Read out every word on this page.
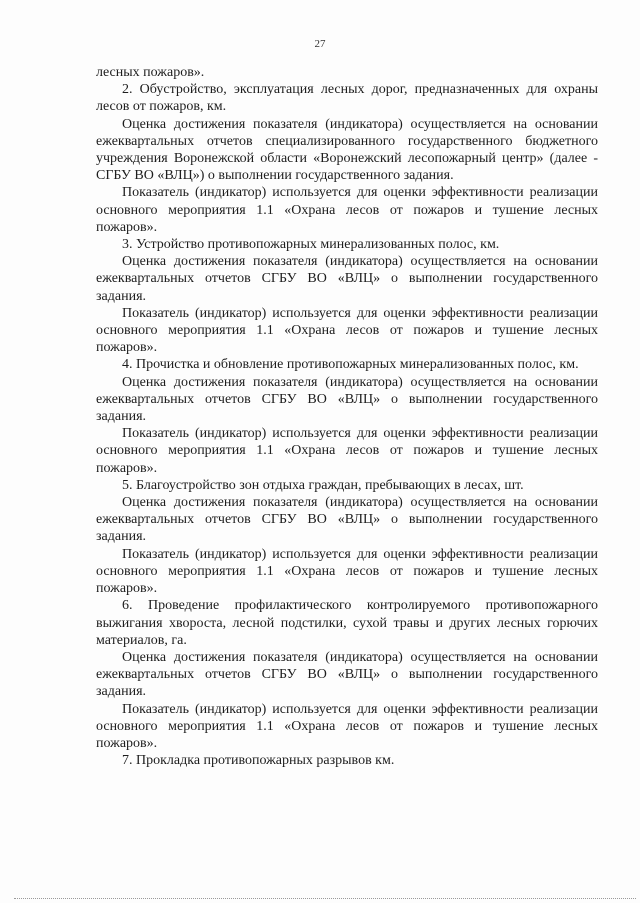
27

лесных пожаров».

2. Обустройство, эксплуатация лесных дорог, предназначенных для охраны лесов от пожаров, км.

Оценка достижения показателя (индикатора) осуществляется на основании ежеквартальных отчетов специализированного государственного бюджетного учреждения Воронежской области «Воронежский лесопожарный центр» (далее - СГБУ ВО «ВЛЦ») о выполнении государственного задания.

Показатель (индикатор) используется для оценки эффективности реализации основного мероприятия 1.1 «Охрана лесов от пожаров и тушение лесных пожаров».

3. Устройство противопожарных минерализованных полос, км.

Оценка достижения показателя (индикатора) осуществляется на основании ежеквартальных отчетов СГБУ ВО «ВЛЦ» о выполнении государственного задания.

Показатель (индикатор) используется для оценки эффективности реализации основного мероприятия 1.1 «Охрана лесов от пожаров и тушение лесных пожаров».

4. Прочистка и обновление противопожарных минерализованных полос, км.

Оценка достижения показателя (индикатора) осуществляется на основании ежеквартальных отчетов СГБУ ВО «ВЛЦ» о выполнении государственного задания.

Показатель (индикатор) используется для оценки эффективности реализации основного мероприятия 1.1 «Охрана лесов от пожаров и тушение лесных пожаров».

5. Благоустройство зон отдыха граждан, пребывающих в лесах, шт.

Оценка достижения показателя (индикатора) осуществляется на основании ежеквартальных отчетов СГБУ ВО «ВЛЦ» о выполнении государственного задания.

Показатель (индикатор) используется для оценки эффективности реализации основного мероприятия 1.1 «Охрана лесов от пожаров и тушение лесных пожаров».

6. Проведение профилактического контролируемого противопожарного выжигания хвороста, лесной подстилки, сухой травы и других лесных горючих материалов, га.

Оценка достижения показателя (индикатора) осуществляется на основании ежеквартальных отчетов СГБУ ВО «ВЛЦ» о выполнении государственного задания.

Показатель (индикатор) используется для оценки эффективности реализации основного мероприятия 1.1 «Охрана лесов от пожаров и тушение лесных пожаров».

7. Прокладка противопожарных разрывов км.
